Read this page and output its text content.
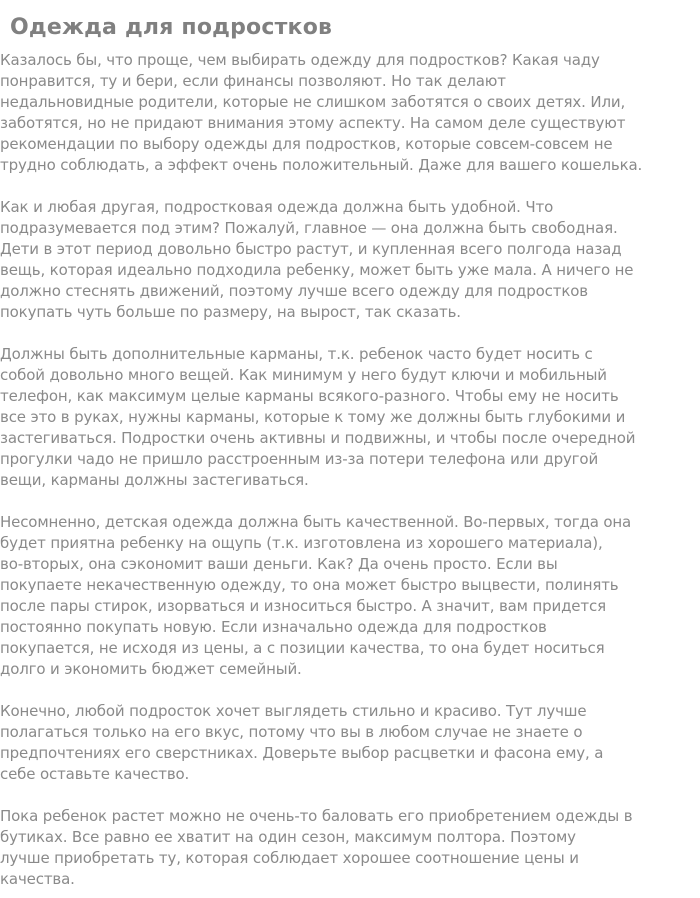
Одежда для подростков

Казалось бы, что проще, чем выбирать одежду для подростков? Какая чаду
понравится, ту и бери, если финансы позволяют. Но так делают
недальновидные родители, которые не слишком заботятся о своих детях. Или,
заботятся, но не придают внимания этому аспекту. На самом деле существуют
рекомендации по выбору одежды для подростков, которые совсем-совсем не
трудно соблюдать, а эффект очень положительный. Даже для вашего кошелька.

Как и любая другая, подростковая одежда должна быть удобной. Что
подразумевается под этим? Пожалуй, главное — она должна быть свободная.
Дети в этот период довольно быстро растут, и купленная всего полгода назад
вещь, которая идеально подходила ребенку, может быть уже мала. А ничего не
должно стеснять движений, поэтому лучше всего одежду для подростков
покупать чуть больше по размеру, на вырост, так сказать.

Должны быть дополнительные карманы, т.к. ребенок часто будет носить с
собой довольно много вещей. Как минимум у него будут ключи и мобильный
телефон, как максимум целые карманы всякого-разного. Чтобы ему не носить
все это в руках, нужны карманы, которые к тому же должны быть глубокими и
застегиваться. Подростки очень активны и подвижны, и чтобы после очередной
прогулки чадо не пришло расстроенным из-за потери телефона или другой
вещи, карманы должны застегиваться.

Несомненно, детская одежда должна быть качественной. Во-первых, тогда она
будет приятна ребенку на ощупь (т.к. изготовлена из хорошего материала),
во-вторых, она сэкономит ваши деньги. Как? Да очень просто. Если вы
покупаете некачественную одежду, то она может быстро выцвести, полинять
после пары стирок, изорваться и износиться быстро. А значит, вам придется
постоянно покупать новую. Если изначально одежда для подростков
покупается, не исходя из цены, а с позиции качества, то она будет носиться
долго и экономить бюджет семейный.

Конечно, любой подросток хочет выглядеть стильно и красиво. Тут лучше
полагаться только на его вкус, потому что вы в любом случае не знаете о
предпочтениях его сверстниках. Доверьте выбор расцветки и фасона ему, а
себе оставьте качество.

Пока ребенок растет можно не очень-то баловать его приобретением одежды в
бутиках. Все равно ее хватит на один сезон, максимум полтора. Поэтому
лучше приобретать ту, которая соблюдает хорошее соотношение цены и
качества.
